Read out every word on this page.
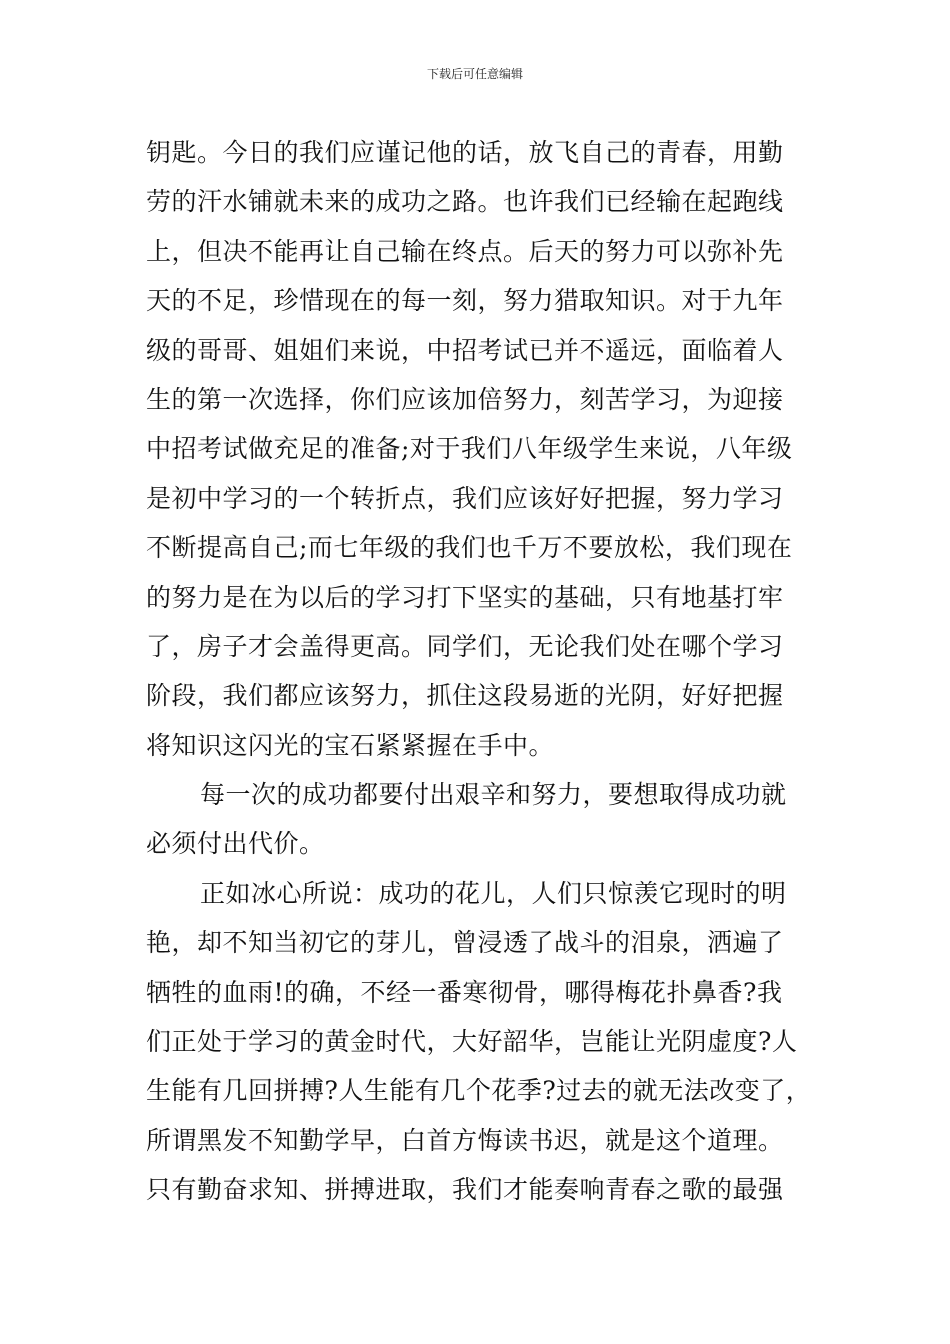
下载后可任意编辑
钥匙。今日的我们应谨记他的话，放飞自己的青春，用勤
劳的汗水铺就未来的成功之路。也许我们已经输在起跑线
上，但决不能再让自己输在终点。后天的努力可以弥补先
天的不足，珍惜现在的每一刻，努力猎取知识。对于九年
级的哥哥、姐姐们来说，中招考试已并不遥远，面临着人
生的第一次选择，你们应该加倍努力，刻苦学习，为迎接
中招考试做充足的准备;对于我们八年级学生来说，八年级
是初中学习的一个转折点，我们应该好好把握，努力学习
不断提高自己;而七年级的我们也千万不要放松，我们现在
的努力是在为以后的学习打下坚实的基础，只有地基打牢
了，房子才会盖得更高。同学们，无论我们处在哪个学习
阶段，我们都应该努力，抓住这段易逝的光阴，好好把握
将知识这闪光的宝石紧紧握在手中。
每一次的成功都要付出艰辛和努力，要想取得成功就
必须付出代价。
正如冰心所说：成功的花儿，人们只惊羡它现时的明
艳，却不知当初它的芽儿，曾浸透了战斗的泪泉，洒遍了
牺牲的血雨!的确，不经一番寒彻骨，哪得梅花扑鼻香?我
们正处于学习的黄金时代，大好韶华，岂能让光阴虚度?人
生能有几回拼搏?人生能有几个花季?过去的就无法改变了，
所谓黑发不知勤学早，白首方悔读书迟，就是这个道理。
只有勤奋求知、拼搏进取，我们才能奏响青春之歌的最强
